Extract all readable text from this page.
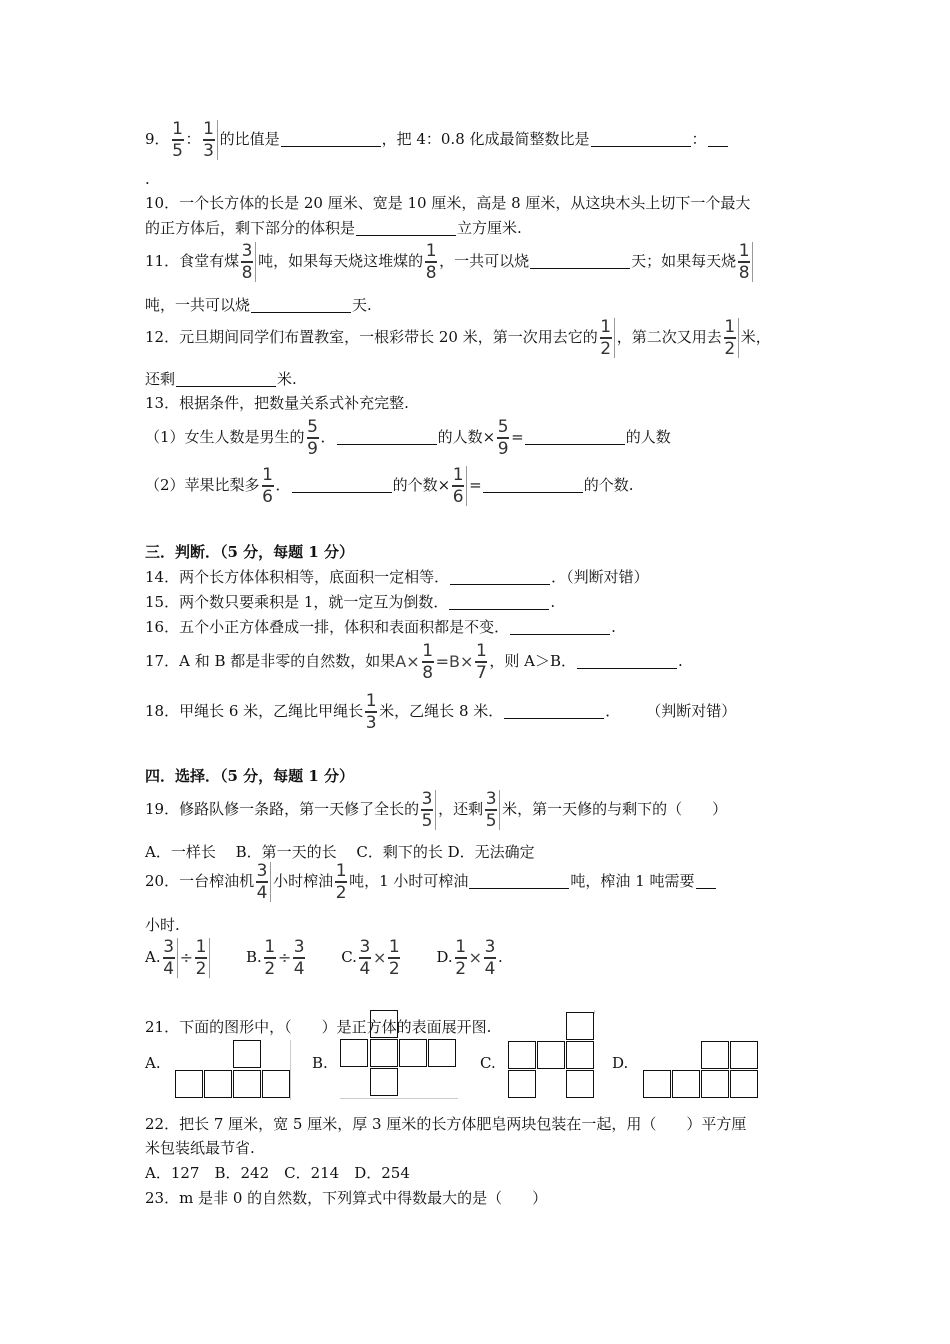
9． $\frac{1}{5}$ ： $\frac{1}{3}$ 的比值是	，把 4：0.8 化成最简整数比是	：
.
10．一个长方体的长是 20 厘米、宽是 10 厘米，高是 8 厘米，从这块木头上切下一个最大
的正方体后，剩下部分的体积是	立方厘米.
11．食堂有煤 $\frac{3}{8}$ 吨，如果每天烧这堆煤的 $\frac{1}{8}$ ，一共可以烧	天；如果每天烧 $\frac{1}{8}$
吨，一共可以烧	天.
12．元旦期间同学们布置教室，一根彩带长 20 米，第一次用去它的 $\frac{1}{2}$ ，第二次又用去 $\frac{1}{2}$ 米，
还剩	米.
13．根据条件，把数量关系式补充完整.
（1）女生人数是男生的 $\frac{5}{9}$ ．	的人数× $\frac{5}{9}$ =	的人数
（2）苹果比梨多 $\frac{1}{6}$ ．	的个数× $\frac{1}{6}$ =	的个数.
三．判断．（5 分，每题 1 分）
14．两个长方体体积相等，底面积一定相等．	．（判断对错）
15．两个数只要乘积是 1，就一定互为倒数．	.
16．五个小正方体叠成一排，体积和表面积都是不变．	.
17．A 和 B 都是非零的自然数，如果 $A\times \frac{1}{8} =B\times \frac{1}{7}$ ，则 A＞B．	.
18．甲绳长 6 米，乙绳比甲绳长 $\frac{1}{3}$ 米，乙绳长 8 米．	． （判断对错）
四．选择．（5 分，每题 1 分）
19．修路队修一条路，第一天修了全长的 $\frac{3}{5}$ ，还剩 $\frac{3}{5}$ 米，第一天修的与剩下的（　　）
A．一样长　 B．第一天的长　 C．剩下的长 D．无法确定
20．一台榨油机 $\frac{3}{4}$ 小时榨油 $\frac{1}{2}$ 吨，1 小时可榨油	吨，榨油 1 吨需要
小时.
A. $\frac{3}{4} \div \frac{1}{2} B$. $\frac{1}{2} \div \frac{3}{4} C$. $\frac{3}{4} \times \frac{1}{2} D$. $\frac{1}{2} \times \frac{3}{4}$ .
21．下面的图形中，（　　）是正方体的表面展开图.
A.	B.	C.	D.
22．把长 7 厘米，宽 5 厘米，厚 3 厘米的长方体肥皂两块包装在一起，用（　　）平方厘
米包装纸最节省.
A．127　B．242　C．214　D．254
23．m 是非 0 的自然数，下列算式中得数最大的是（　　）
